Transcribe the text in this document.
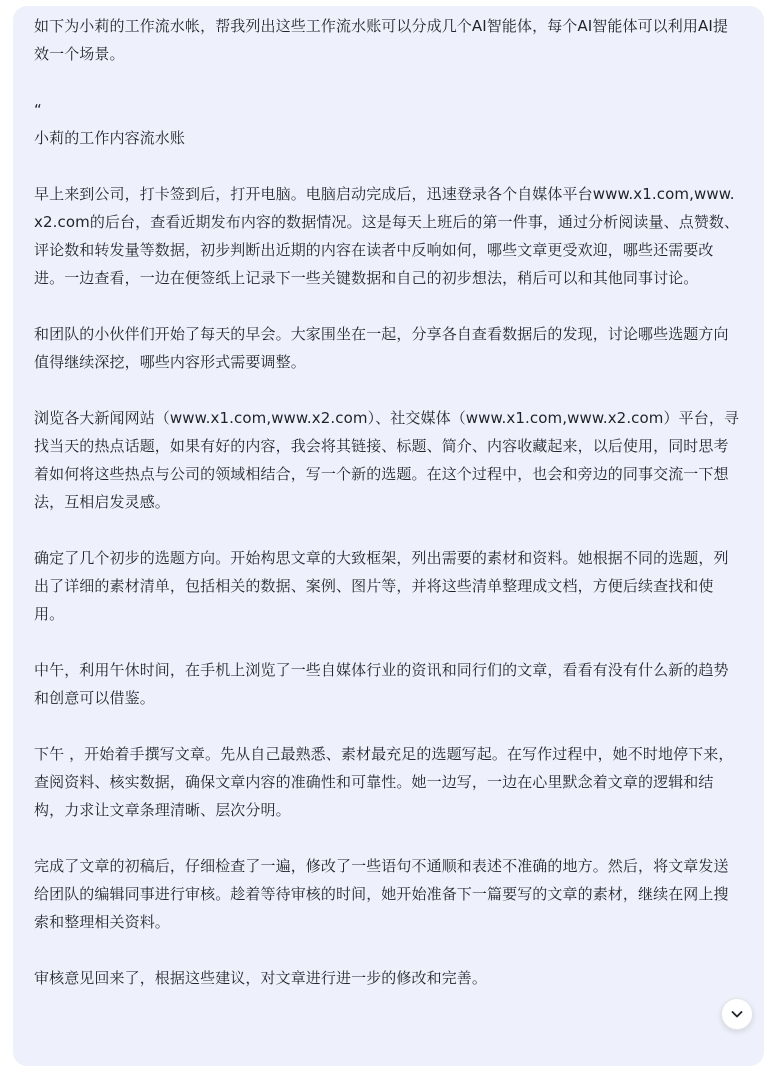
如下为小莉的工作流水帐，帮我列出这些工作流水账可以分成几个AI智能体，每个AI智能体可以利用AI提效一个场景。

“

小莉的工作内容流水账

早上来到公司，打卡签到后，打开电脑。电脑启动完成后，迅速登录各个自媒体平台www.x1.com,www.x2.com的后台，查看近期发布内容的数据情况。这是每天上班后的第一件事，通过分析阅读量、点赞数、评论数和转发量等数据，初步判断出近期的内容在读者中反响如何，哪些文章更受欢迎，哪些还需要改进。一边查看，一边在便签纸上记录下一些关键数据和自己的初步想法，稍后可以和其他同事讨论。

和团队的小伙伴们开始了每天的早会。大家围坐在一起，分享各自查看数据后的发现，讨论哪些选题方向值得继续深挖，哪些内容形式需要调整。

浏览各大新闻网站（www.x1.com,www.x2.com）、社交媒体（www.x1.com,www.x2.com）平台，寻找当天的热点话题，如果有好的内容，我会将其链接、标题、简介、内容收藏起来，以后使用，同时思考着如何将这些热点与公司的领域相结合，写一个新的选题。在这个过程中，也会和旁边的同事交流一下想法，互相启发灵感。

确定了几个初步的选题方向。开始构思文章的大致框架，列出需要的素材和资料。她根据不同的选题，列出了详细的素材清单，包括相关的数据、案例、图片等，并将这些清单整理成文档，方便后续查找和使用。

中午，利用午休时间，在手机上浏览了一些自媒体行业的资讯和同行们的文章，看看有没有什么新的趋势和创意可以借鉴。

下午 ，开始着手撰写文章。先从自己最熟悉、素材最充足的选题写起。在写作过程中，她不时地停下来，查阅资料、核实数据，确保文章内容的准确性和可靠性。她一边写，一边在心里默念着文章的逻辑和结构，力求让文章条理清晰、层次分明。

完成了文章的初稿后，仔细检查了一遍，修改了一些语句不通顺和表述不准确的地方。然后，将文章发送给团队的编辑同事进行审核。趁着等待审核的时间，她开始准备下一篇要写的文章的素材，继续在网上搜索和整理相关资料。

审核意见回来了，根据这些建议，对文章进行进一步的修改和完善。
